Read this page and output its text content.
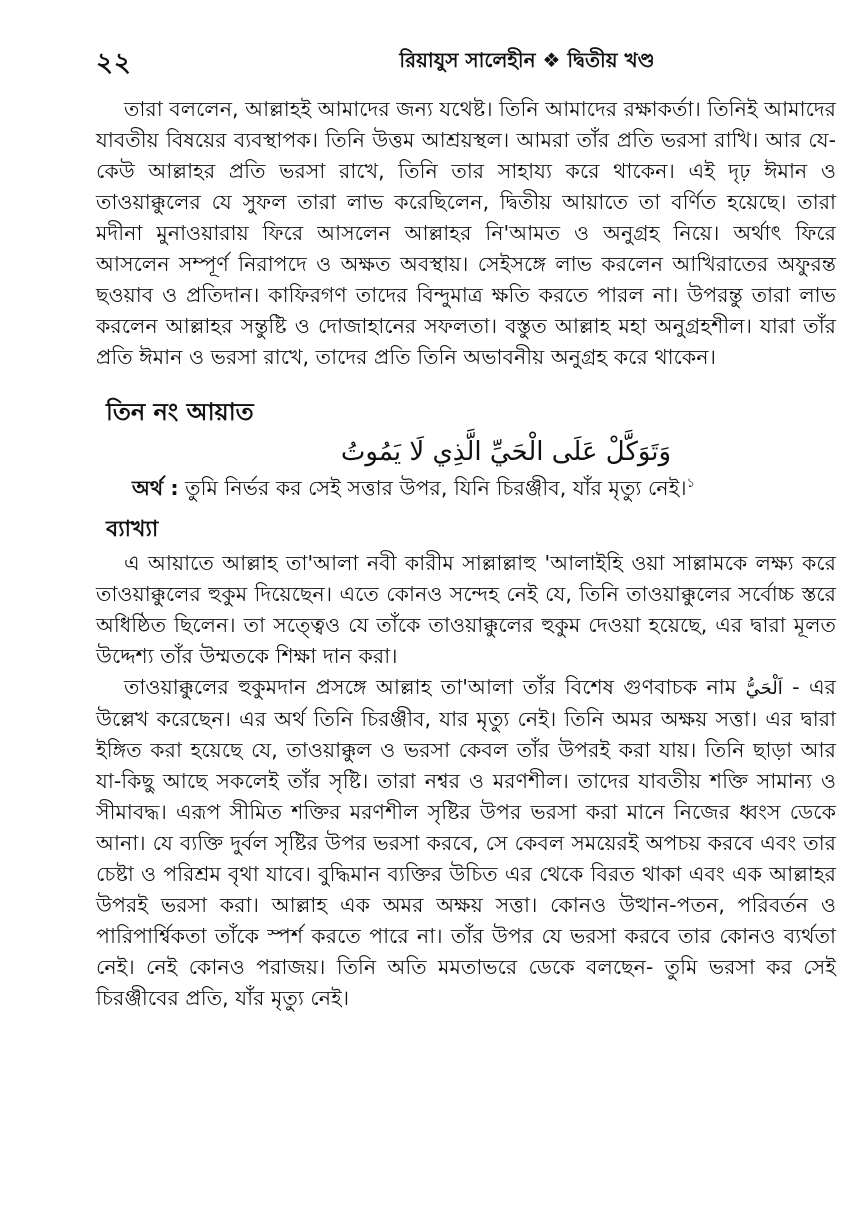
২২	রিয়াযুস সালেহীন ❖ দ্বিতীয় খণ্ড

তারা বললেন, আল্লাহই আমাদের জন্য যথেষ্ট। তিনি আমাদের রক্ষাকর্তা। তিনিই আমাদের যাবতীয় বিষয়ের ব্যবস্থাপক। তিনি উত্তম আশ্রয়স্থল। আমরা তাঁর প্রতি ভরসা রাখি। আর যে-কেউ আল্লাহর প্রতি ভরসা রাখে, তিনি তার সাহায্য করে থাকেন। এই দৃঢ় ঈমান ও তাওয়াক্কুলের যে সুফল তারা লাভ করেছিলেন, দ্বিতীয় আয়াতে তা বর্ণিত হয়েছে। তারা মদীনা মুনাওয়ারায় ফিরে আসলেন আল্লাহর নি'আমত ও অনুগ্রহ নিয়ে। অর্থাৎ ফিরে আসলেন সম্পূর্ণ নিরাপদে ও অক্ষত অবস্থায়। সেইসঙ্গে লাভ করলেন আখিরাতের অফুরন্ত ছওয়াব ও প্রতিদান। কাফিরগণ তাদের বিন্দুমাত্র ক্ষতি করতে পারল না। উপরন্তু তারা লাভ করলেন আল্লাহর সন্তুষ্টি ও দোজাহানের সফলতা। বস্তুত আল্লাহ মহা অনুগ্রহশীল। যারা তাঁর প্রতি ঈমান ও ভরসা রাখে, তাদের প্রতি তিনি অভাবনীয় অনুগ্রহ করে থাকেন।

তিন নং আয়াত
وَتَوَكَّلْ عَلَى الْحَيِّ الَّذِي لَا يَمُوتُ

অর্থ : তুমি নির্ভর কর সেই সত্তার উপর, যিনি চিরঞ্জীব, যাঁর মৃত্যু নেই।$^১$

ব্যাখ্যা

এ আয়াতে আল্লাহ তা'আলা নবী কারীম সাল্লাল্লাহু 'আলাইহি ওয়া সাল্লামকে লক্ষ্য করে তাওয়াক্কুলের হুকুম দিয়েছেন। এতে কোনও সন্দেহ নেই যে, তিনি তাওয়াক্কুলের সর্বোচ্চ স্তরে অধিষ্ঠিত ছিলেন। তা সত্ত্বেও যে তাঁকে তাওয়াক্কুলের হুকুম দেওয়া হয়েছে, এর দ্বারা মূলত উদ্দেশ্য তাঁর উম্মতকে শিক্ষা দান করা।

তাওয়াক্কুলের হুকুমদান প্রসঙ্গে আল্লাহ তা'আলা তাঁর বিশেষ গুণবাচক নাম اَلْحَيُّ - এর উল্লেখ করেছেন। এর অর্থ তিনি চিরঞ্জীব, যার মৃত্যু নেই। তিনি অমর অক্ষয় সত্তা। এর দ্বারা ইঙ্গিত করা হয়েছে যে, তাওয়াক্কুল ও ভরসা কেবল তাঁর উপরই করা যায়। তিনি ছাড়া আর যা-কিছু আছে সকলেই তাঁর সৃষ্টি। তারা নশ্বর ও মরণশীল। তাদের যাবতীয় শক্তি সামান্য ও সীমাবদ্ধ। এরূপ সীমিত শক্তির মরণশীল সৃষ্টির উপর ভরসা করা মানে নিজের ধ্বংস ডেকে আনা। যে ব্যক্তি দুর্বল সৃষ্টির উপর ভরসা করবে, সে কেবল সময়েরই অপচয় করবে এবং তার চেষ্টা ও পরিশ্রম বৃথা যাবে। বুদ্ধিমান ব্যক্তির উচিত এর থেকে বিরত থাকা এবং এক আল্লাহর উপরই ভরসা করা। আল্লাহ এক অমর অক্ষয় সত্তা। কোনও উত্থান-পতন, পরিবর্তন ও পারিপার্শ্বিকতা তাঁকে স্পর্শ করতে পারে না। তাঁর উপর যে ভরসা করবে তার কোনও ব্যর্থতা নেই। নেই কোনও পরাজয়। তিনি অতি মমতাভরে ডেকে বলছেন- তুমি ভরসা কর সেই চিরঞ্জীবের প্রতি, যাঁর মৃত্যু নেই।
